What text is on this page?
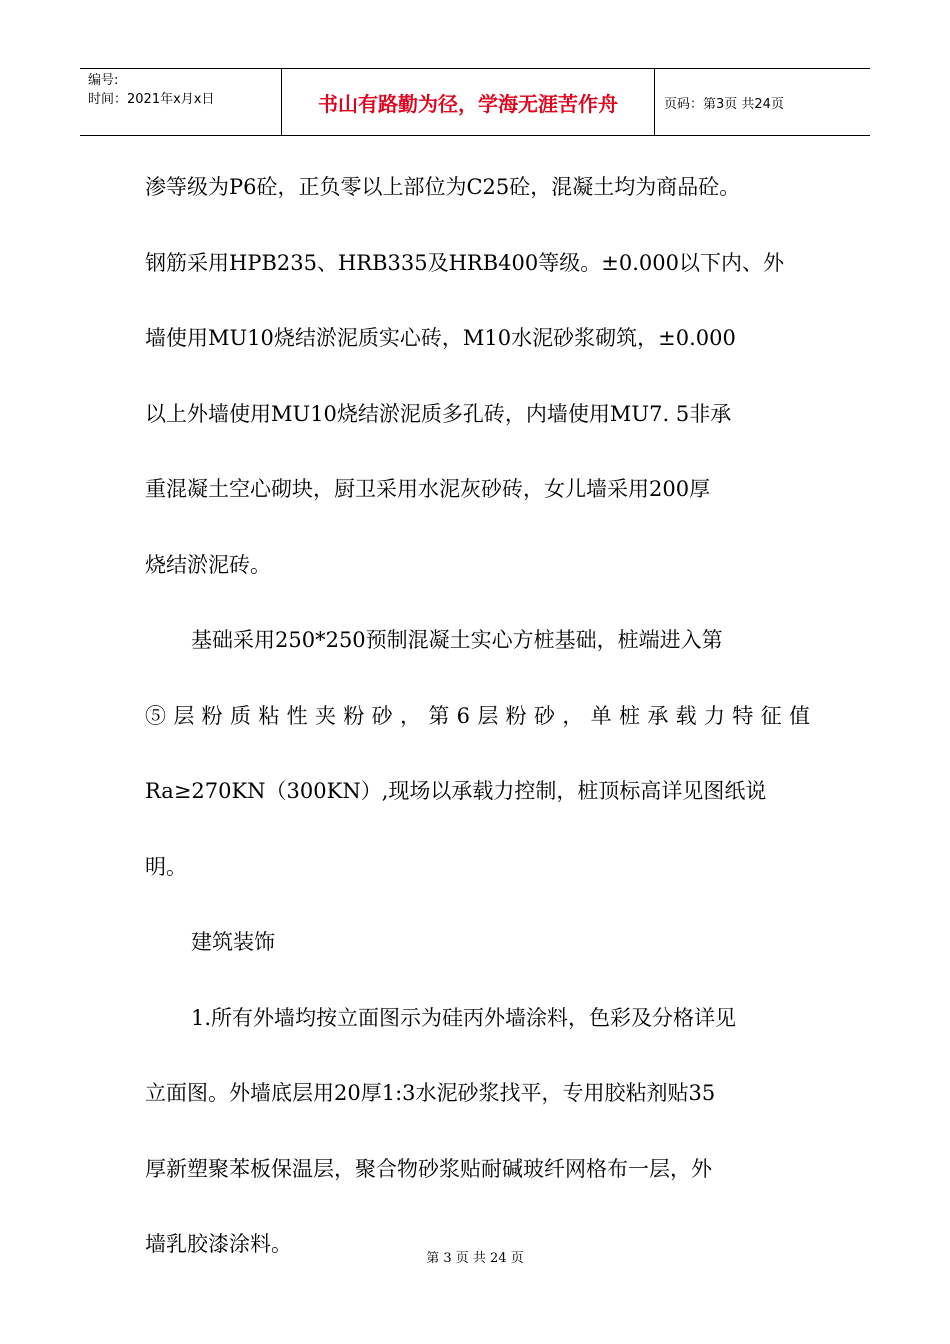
编号:
时间：2021年x月x日	书山有路勤为径，学海无涯苦作舟	页码：第3页 共24页

渗等级为P6砼，正负零以上部位为C25砼，混凝土均为商品砼。

钢筋采用HPB235、HRB335及HRB400等级。±0.000以下内、外

墙使用MU10烧结淤泥质实心砖，M10水泥砂浆砌筑，±0.000

以上外墙使用MU10烧结淤泥质多孔砖，内墙使用MU7. 5非承

重混凝土空心砌块，厨卫采用水泥灰砂砖，女儿墙采用200厚

烧结淤泥砖。

基础采用250*250预制混凝土实心方桩基础，桩端进入第

⑤层粉质粘性夹粉砂，第6层粉砂，单桩承载力特征值

Ra≥270KN（300KN）,现场以承载力控制，桩顶标高详见图纸说

明。

建筑装饰

1.所有外墙均按立面图示为硅丙外墙涂料，色彩及分格详见

立面图。外墙底层用20厚1:3水泥砂浆找平，专用胶粘剂贴35

厚新塑聚苯板保温层，聚合物砂浆贴耐碱玻纤网格布一层，外

墙乳胶漆涂料。

第 3 页 共 24 页
